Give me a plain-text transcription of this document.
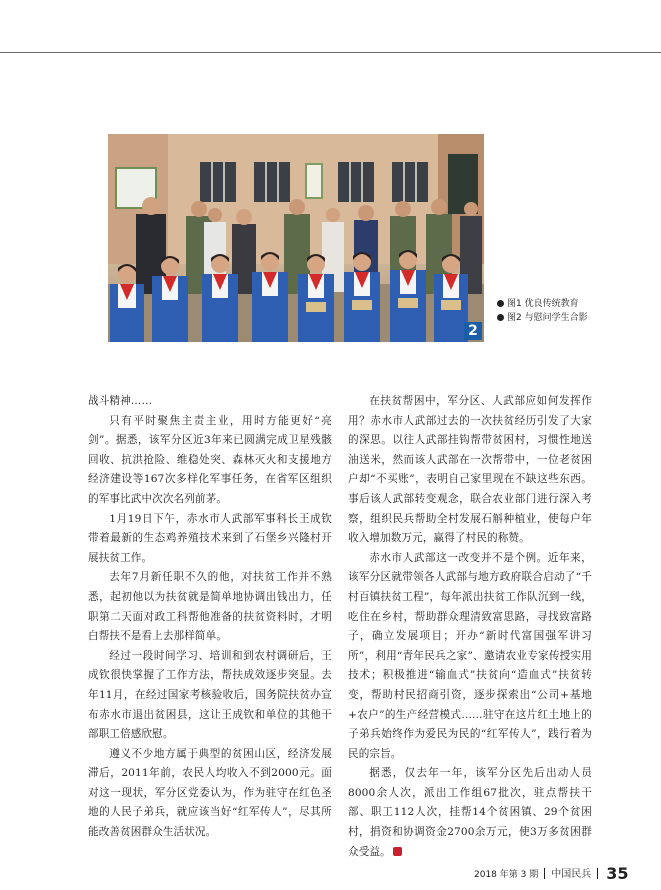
2
图1 优良传统教育
图2 与慰问学生合影

战斗精神……

只有平时聚焦主责主业，用时方能更好“亮剑”。据悉，该军分区近3年来已圆满完成卫星残骸回收、抗洪抢险、维稳处突、森林灭火和支援地方经济建设等167次多样化军事任务，在省军区组织的军事比武中次次名列前茅。

1月19日下午，赤水市人武部军事科长王成钦带着最新的生态鸡养殖技术来到了石堡乡兴隆村开展扶贫工作。

去年7月新任职不久的他，对扶贫工作并不熟悉，起初他以为扶贫就是简单地协调出钱出力，任职第二天面对政工科帮他准备的扶贫资料时，才明白帮扶不是看上去那样简单。

经过一段时间学习、培训和到农村调研后，王成钦很快掌握了工作方法，帮扶成效逐步突显。去年11月，在经过国家考核验收后，国务院扶贫办宣布赤水市退出贫困县，这让王成钦和单位的其他干部职工倍感欣慰。

遵义不少地方属于典型的贫困山区，经济发展滞后，2011年前，农民人均收入不到2000元。面对这一现状，军分区党委认为，作为驻守在红色圣地的人民子弟兵，就应该当好“红军传人”，尽其所能改善贫困群众生活状况。

在扶贫帮困中，军分区、人武部应如何发挥作用？赤水市人武部过去的一次扶贫经历引发了大家的深思。以往人武部挂钩帮带贫困村，习惯性地送油送米，然而该人武部在一次帮带中，一位老贫困户却“不买账”，表明自己家里现在不缺这些东西。事后该人武部转变观念，联合农业部门进行深入考察，组织民兵帮助全村发展石斛种植业，使每户年收入增加数万元，赢得了村民的称赞。

赤水市人武部这一改变并不是个例。近年来，该军分区就带领各人武部与地方政府联合启动了“千村百镇扶贫工程”，每年派出扶贫工作队沉到一线，吃住在乡村，帮助群众理清致富思路，寻找致富路子，确立发展项目；开办“新时代富国强军讲习所”，利用“青年民兵之家”、邀请农业专家传授实用技术；积极推进“输血式”扶贫向“造血式”扶贫转变，帮助村民招商引资，逐步探索出“公司+基地+农户”的生产经营模式……驻守在这片红土地上的子弟兵始终作为爱民为民的“红军传人”，践行着为民的宗旨。

据悉，仅去年一年，该军分区先后出动人员8000余人次，派出工作组67批次，驻点帮扶干部、职工112人次，挂帮14个贫困镇、29个贫困村，捐资和协调资金2700余万元，使3万多贫困群众受益。

2018 年第 3 期 中国民兵 35
